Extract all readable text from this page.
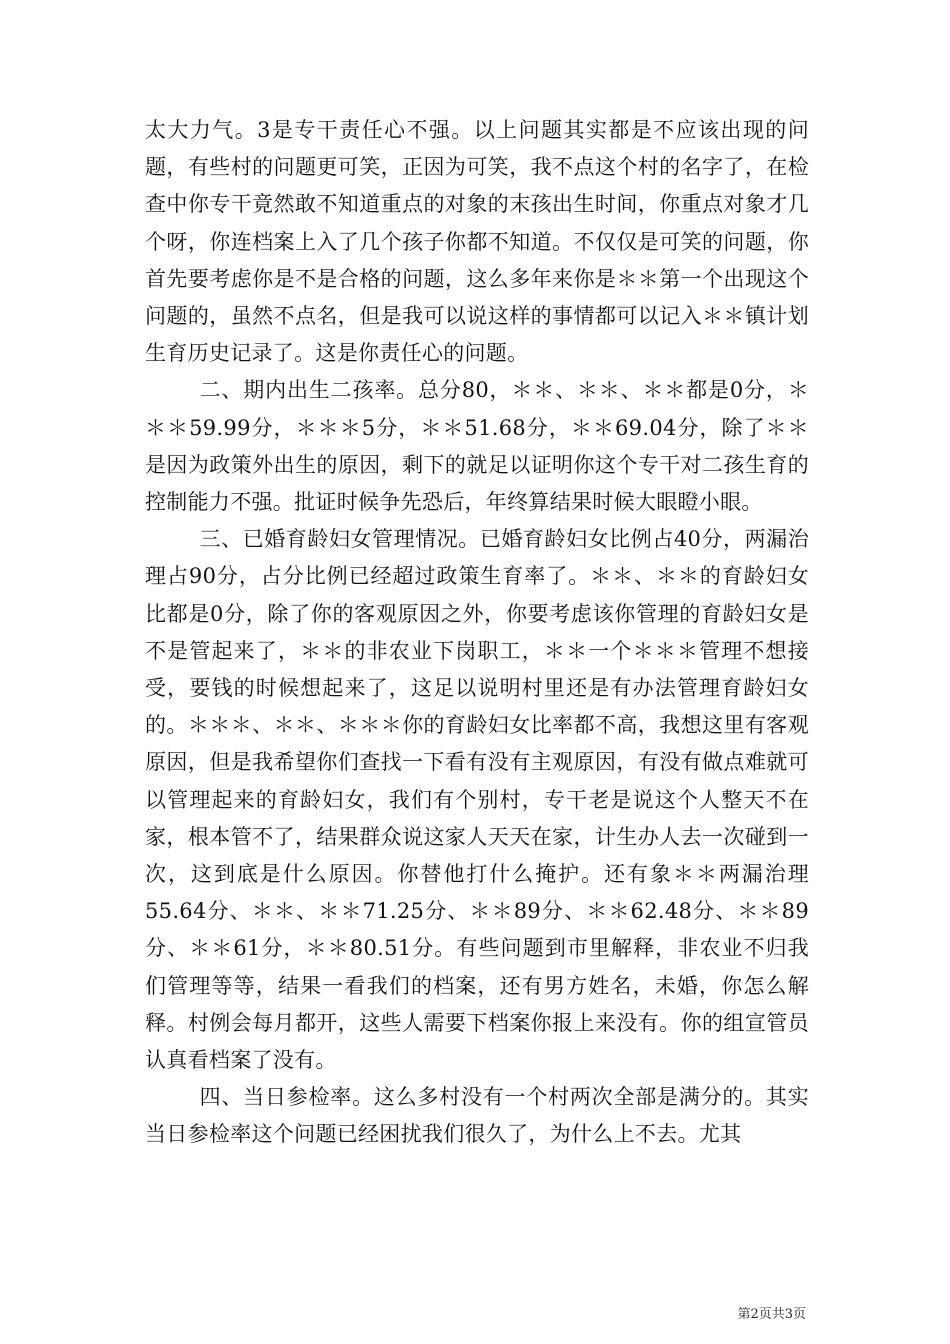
太大力气。3是专干责任心不强。以上问题其实都是不应该出现的问题，有些村的问题更可笑，正因为可笑，我不点这个村的名字了，在检查中你专干竟然敢不知道重点的对象的末孩出生时间，你重点对象才几个呀，你连档案上入了几个孩子你都不知道。不仅仅是可笑的问题，你首先要考虑你是不是合格的问题，这么多年来你是＊＊第一个出现这个问题的，虽然不点名，但是我可以说这样的事情都可以记入＊＊镇计划生育历史记录了。这是你责任心的问题。

二、期内出生二孩率。总分80，＊＊、＊＊、＊＊都是0分，＊＊＊59.99分，＊＊＊5分，＊＊51.68分，＊＊69.04分，除了＊＊是因为政策外出生的原因，剩下的就足以证明你这个专干对二孩生育的控制能力不强。批证时候争先恐后，年终算结果时候大眼瞪小眼。

三、已婚育龄妇女管理情况。已婚育龄妇女比例占40分，两漏治理占90分，占分比例已经超过政策生育率了。＊＊、＊＊的育龄妇女比都是0分，除了你的客观原因之外，你要考虑该你管理的育龄妇女是不是管起来了，＊＊的非农业下岗职工，＊＊一个＊＊＊管理不想接受，要钱的时候想起来了，这足以说明村里还是有办法管理育龄妇女的。＊＊＊、＊＊、＊＊＊你的育龄妇女比率都不高，我想这里有客观原因，但是我希望你们查找一下看有没有主观原因，有没有做点难就可以管理起来的育龄妇女，我们有个别村，专干老是说这个人整天不在家，根本管不了，结果群众说这家人天天在家，计生办人去一次碰到一次，这到底是什么原因。你替他打什么掩护。还有象＊＊两漏治理55.64分、＊＊、＊＊71.25分、＊＊89分、＊＊62.48分、＊＊89分、＊＊61分，＊＊80.51分。有些问题到市里解释，非农业不归我们管理等等，结果一看我们的档案，还有男方姓名，未婚，你怎么解释。村例会每月都开，这些人需要下档案你报上来没有。你的组宣管员认真看档案了没有。

四、当日参检率。这么多村没有一个村两次全部是满分的。其实当日参检率这个问题已经困扰我们很久了，为什么上不去。尤其

第2页共3页
